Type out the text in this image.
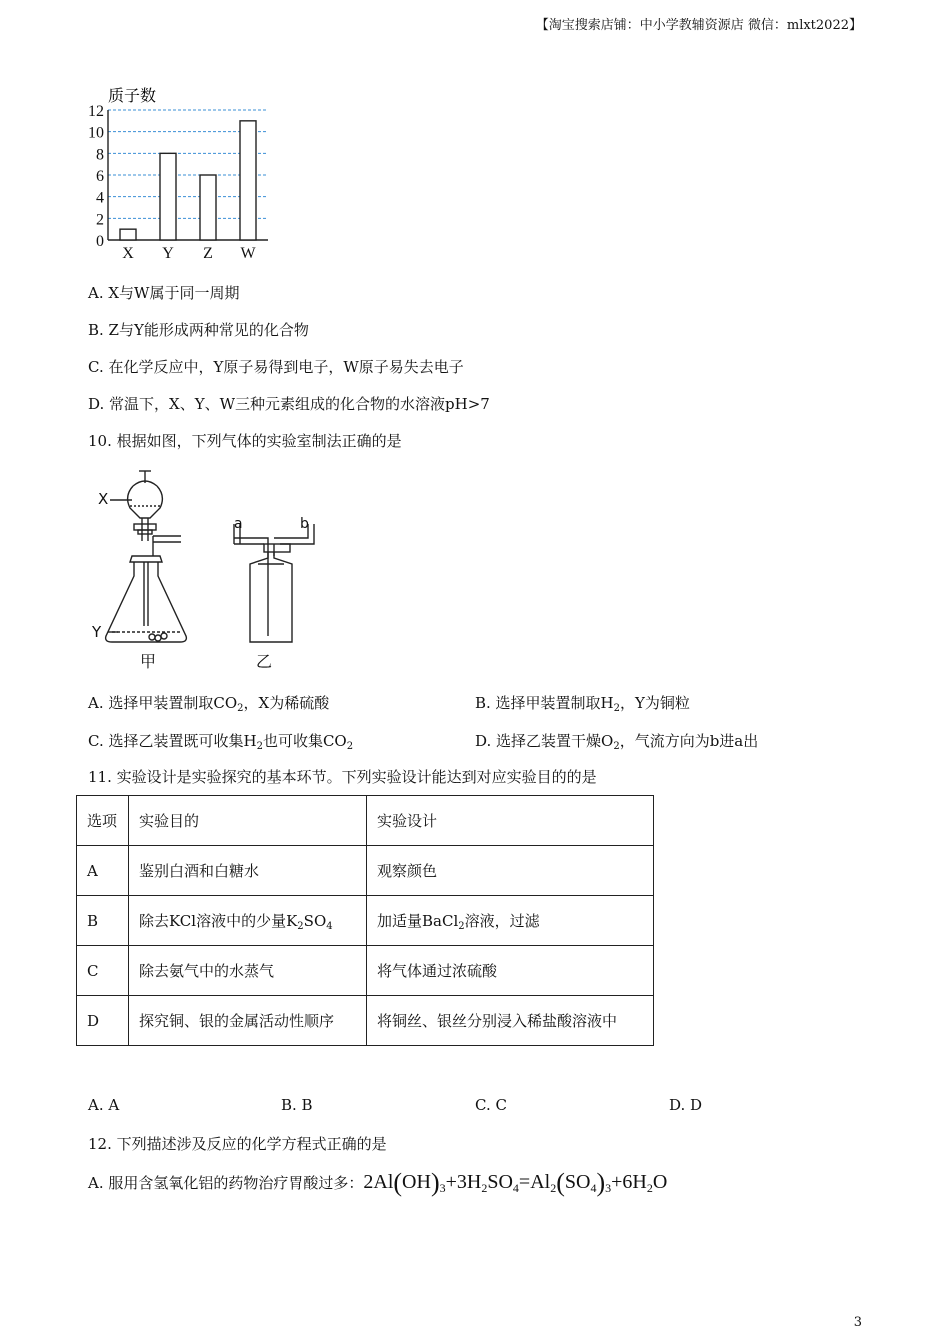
【淘宝搜索店铺：中小学教辅资源店 微信：mlxt2022】
0
2
4
6
8
10
12
X Y Z W
质子数
A. X与W属于同一周期
B. Z与Y能形成两种常见的化合物
C. 在化学反应中，Y原子易得到电子，W原子易失去电子
D. 常温下，X、Y、W三种元素组成的化合物的水溶液pH>7
10. 根据如图，下列气体的实验室制法正确的是
X
Y
a	b
甲	乙
A. 选择甲装置制取$CO_2$，X为稀硫酸	B. 选择甲装置制取$H_2$，Y为铜粒
C. 选择乙装置既可收集$H_2$也可收集$CO_2$	D. 选择乙装置干燥$O_2$，气流方向为b进a出
11. 实验设计是实验探究的基本环节。下列实验设计能达到对应实验目的的是
选项	实验目的	实验设计
A	鉴别白酒和白糖水	观察颜色
B	除去KCl溶液中的少量$K_2SO_4$	加适量BaCl$_2$溶液，过滤
C	除去氨气中的水蒸气	将气体通过浓硫酸
D	探究铜、银的金属活动性顺序	将铜丝、银丝分别浸入稀盐酸溶液中
A. A	B. B	C. C	D. D
12. 下列描述涉及反应的化学方程式正确的是
A. 服用含氢氧化铝的药物治疗胃酸过多：$2Al(OH)_3+3H_2SO_4=Al_2(SO_4)_3+6H_2O$
3
